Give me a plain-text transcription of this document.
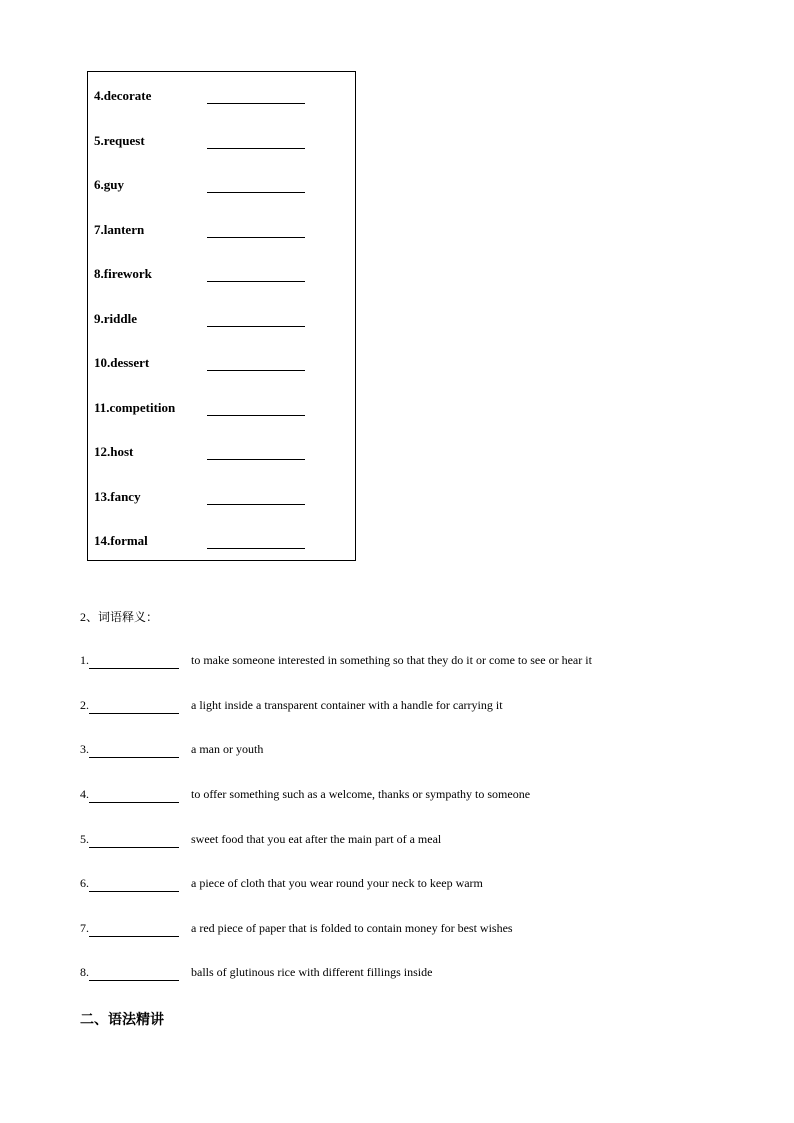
4.decorate
5.request
6.guy
7.lantern
8.firework
9.riddle
10.dessert
11.competition
12.host
13.fancy
14.formal
2、词语释义：
1.	to make someone interested in something so that they do it or come to see or hear it
2.	a light inside a transparent container with a handle for carrying it
3.	a man or youth
4.	to offer something such as a welcome, thanks or sympathy to someone
5.	sweet food that you eat after the main part of a meal
6.	a piece of cloth that you wear round your neck to keep warm
7.	a red piece of paper that is folded to contain money for best wishes
8.	balls of glutinous rice with different fillings inside
二、语法精讲
